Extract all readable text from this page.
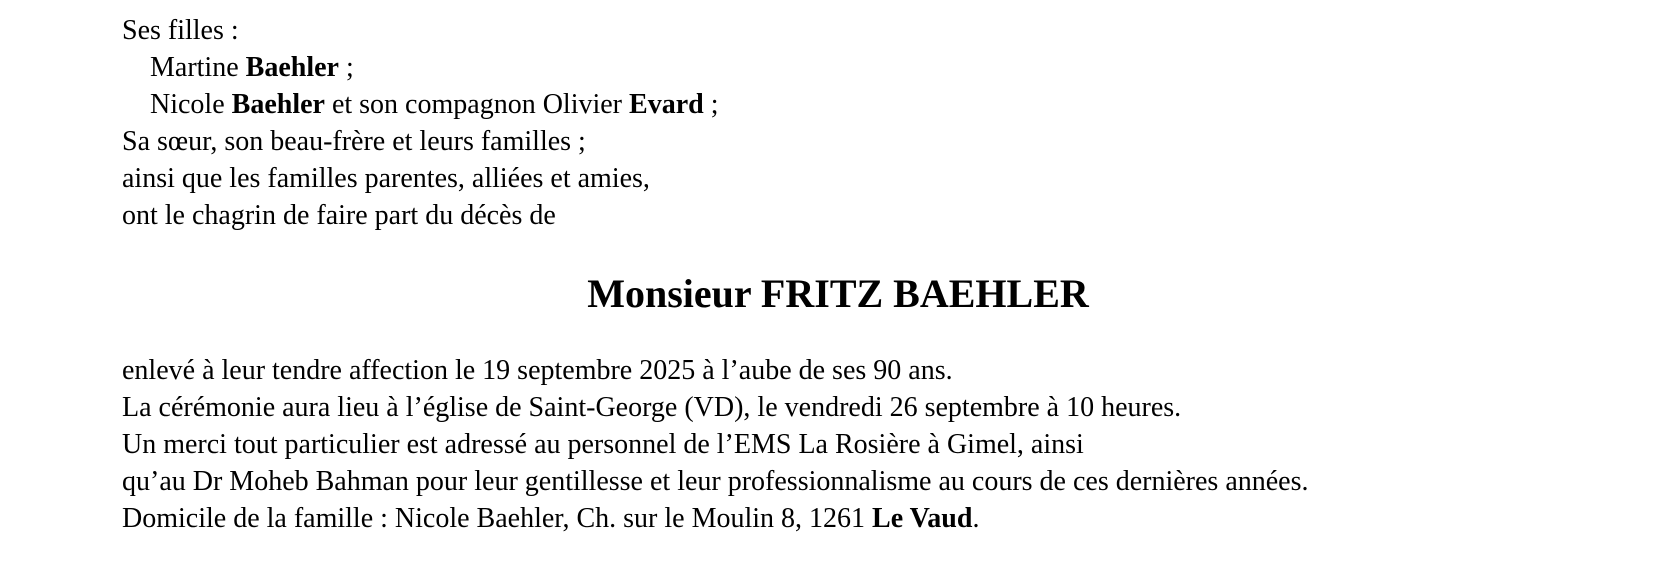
Ses filles :
Martine Baehler ;
Nicole Baehler et son compagnon Olivier Evard ;
Sa sœur, son beau-frère et leurs familles ;
ainsi que les familles parentes, alliées et amies,
ont le chagrin de faire part du décès de
Monsieur FRITZ BAEHLER
enlevé à leur tendre affection le 19 septembre 2025 à l’aube de ses 90 ans.
La cérémonie aura lieu à l’église de Saint-George (VD), le vendredi 26 septembre à 10 heures.
Un merci tout particulier est adressé au personnel de l’EMS La Rosière à Gimel, ainsi
qu’au Dr Moheb Bahman pour leur gentillesse et leur professionnalisme au cours de ces dernières années.
Domicile de la famille : Nicole Baehler, Ch. sur le Moulin 8, 1261 Le Vaud.
